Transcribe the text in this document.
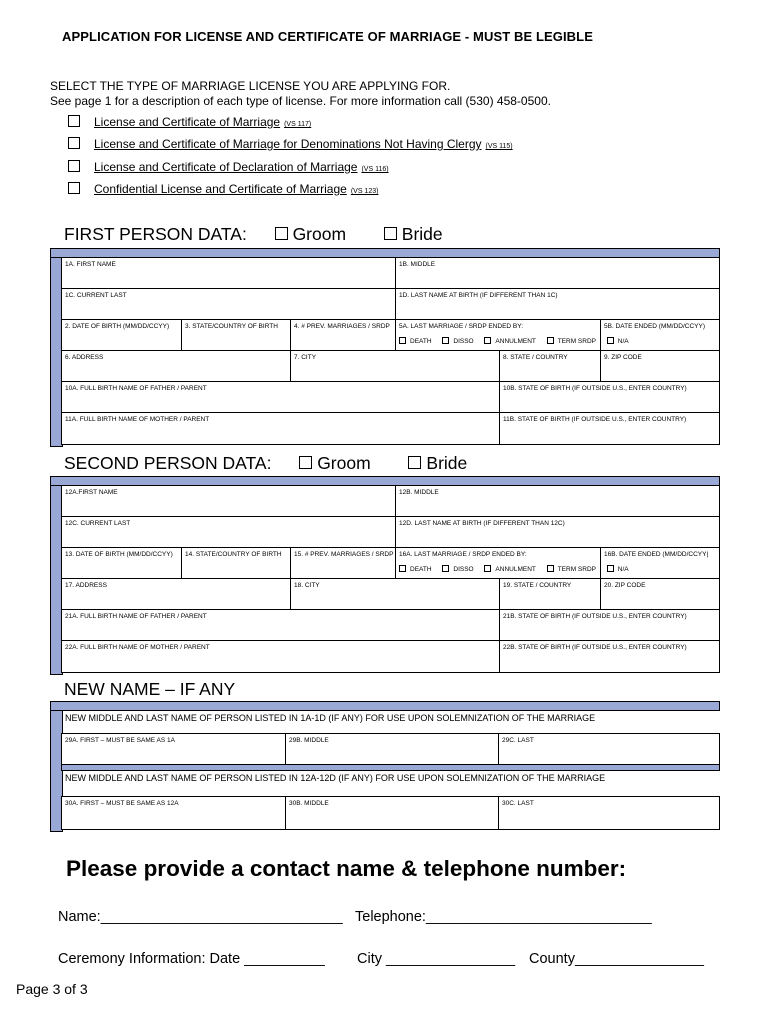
APPLICATION FOR LICENSE AND CERTIFICATE OF MARRIAGE - MUST BE LEGIBLE
SELECT THE TYPE OF MARRIAGE LICENSE YOU ARE APPLYING FOR.
See page 1 for a description of each type of license. For more information call (530) 458-0500.
License and Certificate of Marriage (VS 117)
License and Certificate of Marriage for Denominations Not Having Clergy (VS 115)
License and Certificate of Declaration of Marriage (VS 116)
Confidential License and Certificate of Marriage (VS 123)
FIRST PERSON DATA:	Groom	Bride
1A. FIRST NAME	1B. MIDDLE
1C. CURRENT LAST	1D. LAST NAME AT BIRTH (IF DIFFERENT THAN 1C)
2. DATE OF BIRTH (MM/DD/CCYY)	3. STATE/COUNTRY OF BIRTH	4. # PREV. MARRIAGES / SRDP	5A. LAST MARRIAGE / SRDP ENDED BY:	5B. DATE ENDED (MM/DD/CCYY)
DEATH	DISSO	ANNULMENT	TERM SRDP	N/A
6. ADDRESS	7. CITY	8. STATE / COUNTRY	9. ZIP CODE
10A. FULL BIRTH NAME OF FATHER / PARENT	10B. STATE OF BIRTH (IF OUTSIDE U.S., ENTER COUNTRY)
11A. FULL BIRTH NAME OF MOTHER / PARENT	11B. STATE OF BIRTH (IF OUTSIDE U.S., ENTER COUNTRY)
SECOND PERSON DATA:	Groom	Bride
12A.FIRST NAME	12B. MIDDLE
12C. CURRENT LAST	12D. LAST NAME AT BIRTH (IF DIFFERENT THAN 12C)
13. DATE OF BIRTH (MM/DD/CCYY)	14. STATE/COUNTRY OF BIRTH	15. # PREV. MARRIAGES / SRDP 16A. LAST MARRIAGE / SRDP ENDED BY:	16B. DATE ENDED (MM/DD/CCYY|
DEATH	DISSO	ANNULMENT	TERM SRDP	N/A
17. ADDRESS	18. CITY	19. STATE / COUNTRY	20. ZIP CODE
21A. FULL BIRTH NAME OF FATHER / PARENT	21B. STATE OF BIRTH (IF OUTSIDE U.S., ENTER COUNTRY)
22A. FULL BIRTH NAME OF MOTHER / PARENT	22B. STATE OF BIRTH (IF OUTSIDE U.S., ENTER COUNTRY)
NEW NAME – IF ANY
NEW MIDDLE AND LAST NAME OF PERSON LISTED IN 1A-1D (IF ANY) FOR USE UPON SOLEMNIZATION OF THE MARRIAGE
29A. FIRST – MUST BE SAME AS 1A	29B. MIDDLE	29C. LAST
NEW MIDDLE AND LAST NAME OF PERSON LISTED IN 12A-12D (IF ANY) FOR USE UPON SOLEMNIZATION OF THE MARRIAGE
30A. FIRST – MUST BE SAME AS 12A	30B. MIDDLE	30C. LAST
Please provide a contact name & telephone number:
Name:______________________________ Telephone:____________________________
Ceremony Information: Date __________ City ________________ County________________
Page 3 of 3
